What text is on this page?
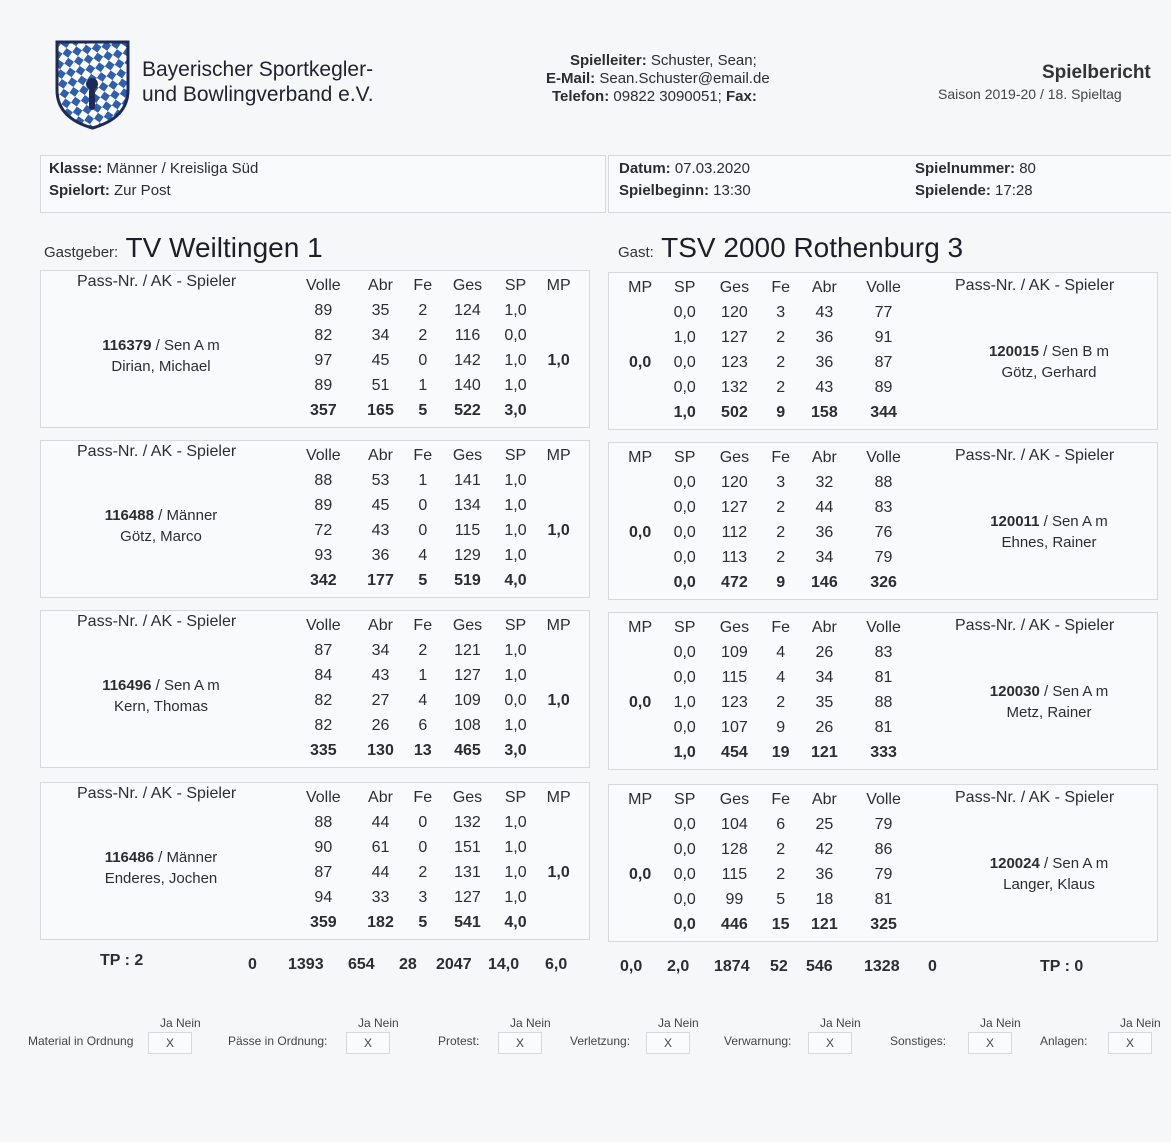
Bayerischer Sportkegler-
und Bowlingverband e.V.
Spielleiter: Schuster, Sean;
E-Mail: Sean.Schuster@email.de
Telefon: 09822 3090051; Fax:
Spielbericht
Saison 2019-20 / 18. Spieltag
Klasse: Männer / Kreisliga Süd
Spielort: Zur Post
Datum: 07.03.2020	Spielnummer: 80
Spielbeginn: 13:30	Spielende: 17:28
Gastgeber: TV Weiltingen 1	Gast: TSV 2000 Rothenburg 3
Pass-Nr. / AK - Spieler	Volle	Abr	Fe	Ges	SP	MP
89	35	2	124	1,0	
82	34	2	116	0,0	
97	45	0	142	1,0	1,0
89	51	1	140	1,0	
357	165	5	522	3,0	
116379 / Sen A m
Dirian, Michael
MP	SP	Ges	Fe	Abr	Volle
	0,0	120	3	43	77
	1,0	127	2	36	91
0,0	0,0	123	2	36	87
	0,0	132	2	43	89
	1,0	502	9	158	344
Pass-Nr. / AK - Spieler
120015 / Sen B m
Götz, Gerhard
Pass-Nr. / AK - Spieler	Volle	Abr	Fe	Ges	SP	MP
88	53	1	141	1,0	
89	45	0	134	1,0	
72	43	0	115	1,0	1,0
93	36	4	129	1,0	
342	177	5	519	4,0	
116488 / Männer
Götz, Marco
MP	SP	Ges	Fe	Abr	Volle
	0,0	120	3	32	88
	0,0	127	2	44	83
0,0	0,0	112	2	36	76
	0,0	113	2	34	79
	0,0	472	9	146	326
Pass-Nr. / AK - Spieler
120011 / Sen A m
Ehnes, Rainer
Pass-Nr. / AK - Spieler	Volle	Abr	Fe	Ges	SP	MP
87	34	2	121	1,0	
84	43	1	127	1,0	
82	27	4	109	0,0	1,0
82	26	6	108	1,0	
335	130	13	465	3,0	
116496 / Sen A m
Kern, Thomas
MP	SP	Ges	Fe	Abr	Volle
	0,0	109	4	26	83
	0,0	115	4	34	81
0,0	1,0	123	2	35	88
	0,0	107	9	26	81
	1,0	454	19	121	333
Pass-Nr. / AK - Spieler
120030 / Sen A m
Metz, Rainer
Pass-Nr. / AK - Spieler	Volle	Abr	Fe	Ges	SP	MP
88	44	0	132	1,0	
90	61	0	151	1,0	
87	44	2	131	1,0	1,0
94	33	3	127	1,0	
359	182	5	541	4,0	
116486 / Männer
Enderes, Jochen
MP	SP	Ges	Fe	Abr	Volle
	0,0	104	6	25	79
	0,0	128	2	42	86
0,0	0,0	115	2	36	79
	0,0	99	5	18	81
	0,0	446	15	121	325
Pass-Nr. / AK - Spieler
120024 / Sen A m
Langer, Klaus
TP : 2	0 1393 654 28 2047 14,0 6,0	0,0 2,0 1874 52 546 1328 0	TP : 0
Material in Ordnung
Ja Nein
X	Pässe in Ordnung:
Ja Nein
X	Protest:
Ja Nein
X	Verletzung:
Ja Nein
X	Verwarnung:
Ja Nein
X	Sonstiges:
Ja Nein
X	Anlagen:
Ja Nein
X
